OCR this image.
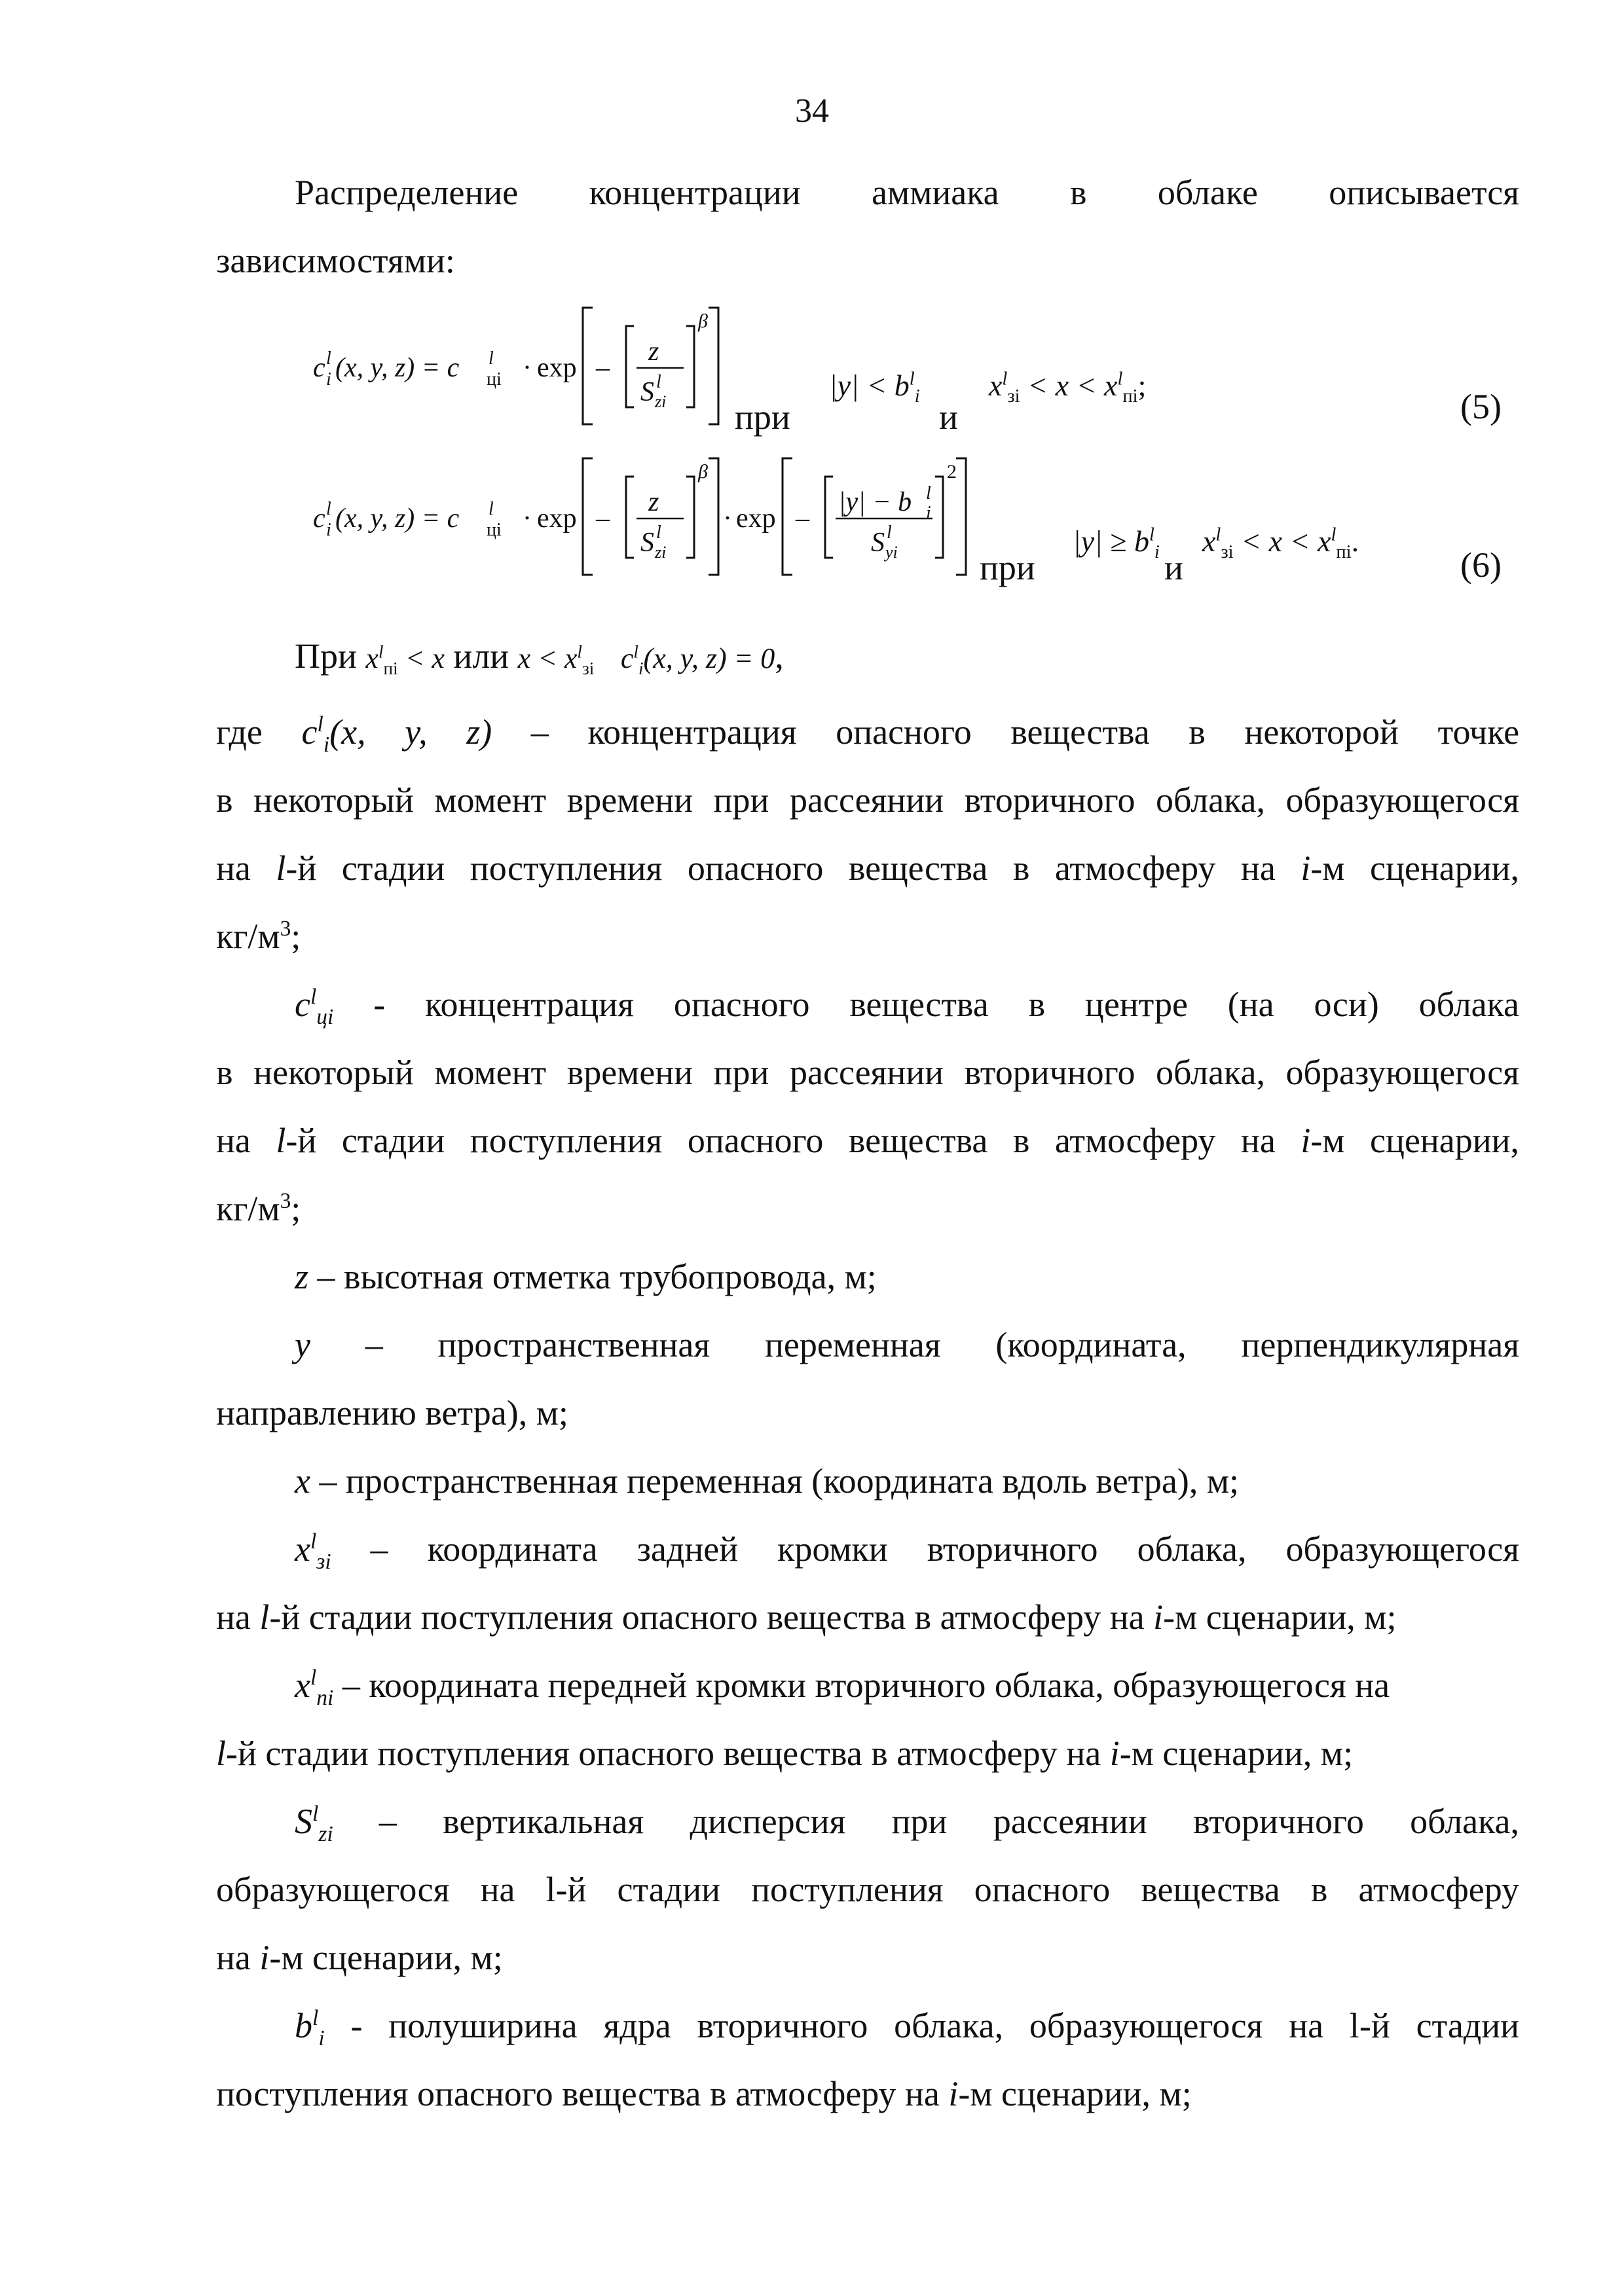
34
Распределение концентрации аммиака в облаке описывается
зависимостями:
c l
i (x, y, z) = c l
цi · exp –
z
S l
zi
β
c l
i (x, y, z) = c l
цi · exp –
z
S l
zi
β
· exp –
|y| − b l
i
S l
yi
2
при
$|y| < b^l_i$
и
$x^l_{зi} < x < x^l_{пi}$;
(5)
при
$|y| \ge b^l_i$ и
$x^l_{зi} < x < x^l_{пi}$.
(6)
При $x^l_{пi} < x$ или $x < x^l_{зi}$ $c^l_i(x$, y, z) = 0,
где $c^l_i(x$, y, z) – концентрация опасного вещества в некоторой точке
в некоторый момент времени при рассеянии вторичного облака, образующегося
на l-й стадии поступления опасного вещества в атмосферу на i-м сценарии,
$кг/м^3$;
$c^l_{цi}$ - концентрация опасного вещества в центре (на оси) облака
в некоторый момент времени при рассеянии вторичного облака, образующегося
на l-й стадии поступления опасного вещества в атмосферу на i-м сценарии,
$кг/м^3$;
z – высотная отметка трубопровода, м;
y – пространственная переменная (координата, перпендикулярная
направлению ветра), м;
x – пространственная переменная (координата вдоль ветра), м;
$x^l_{зi}$ – координата задней кромки вторичного облака, образующегося
на l-й стадии поступления опасного вещества в атмосферу на i-м сценарии, м;
$x^l_{пi}$ – координата передней кромки вторичного облака, образующегося на
l-й стадии поступления опасного вещества в атмосферу на i-м сценарии, м;
$S^l_{zi}$ – вертикальная дисперсия при рассеянии вторичного облака,
образующегося на l-й стадии поступления опасного вещества в атмосферу
на i-м сценарии, м;
$b^l_i$ - полуширина ядра вторичного облака, образующегося на l-й стадии
поступления опасного вещества в атмосферу на i-м сценарии, м;
